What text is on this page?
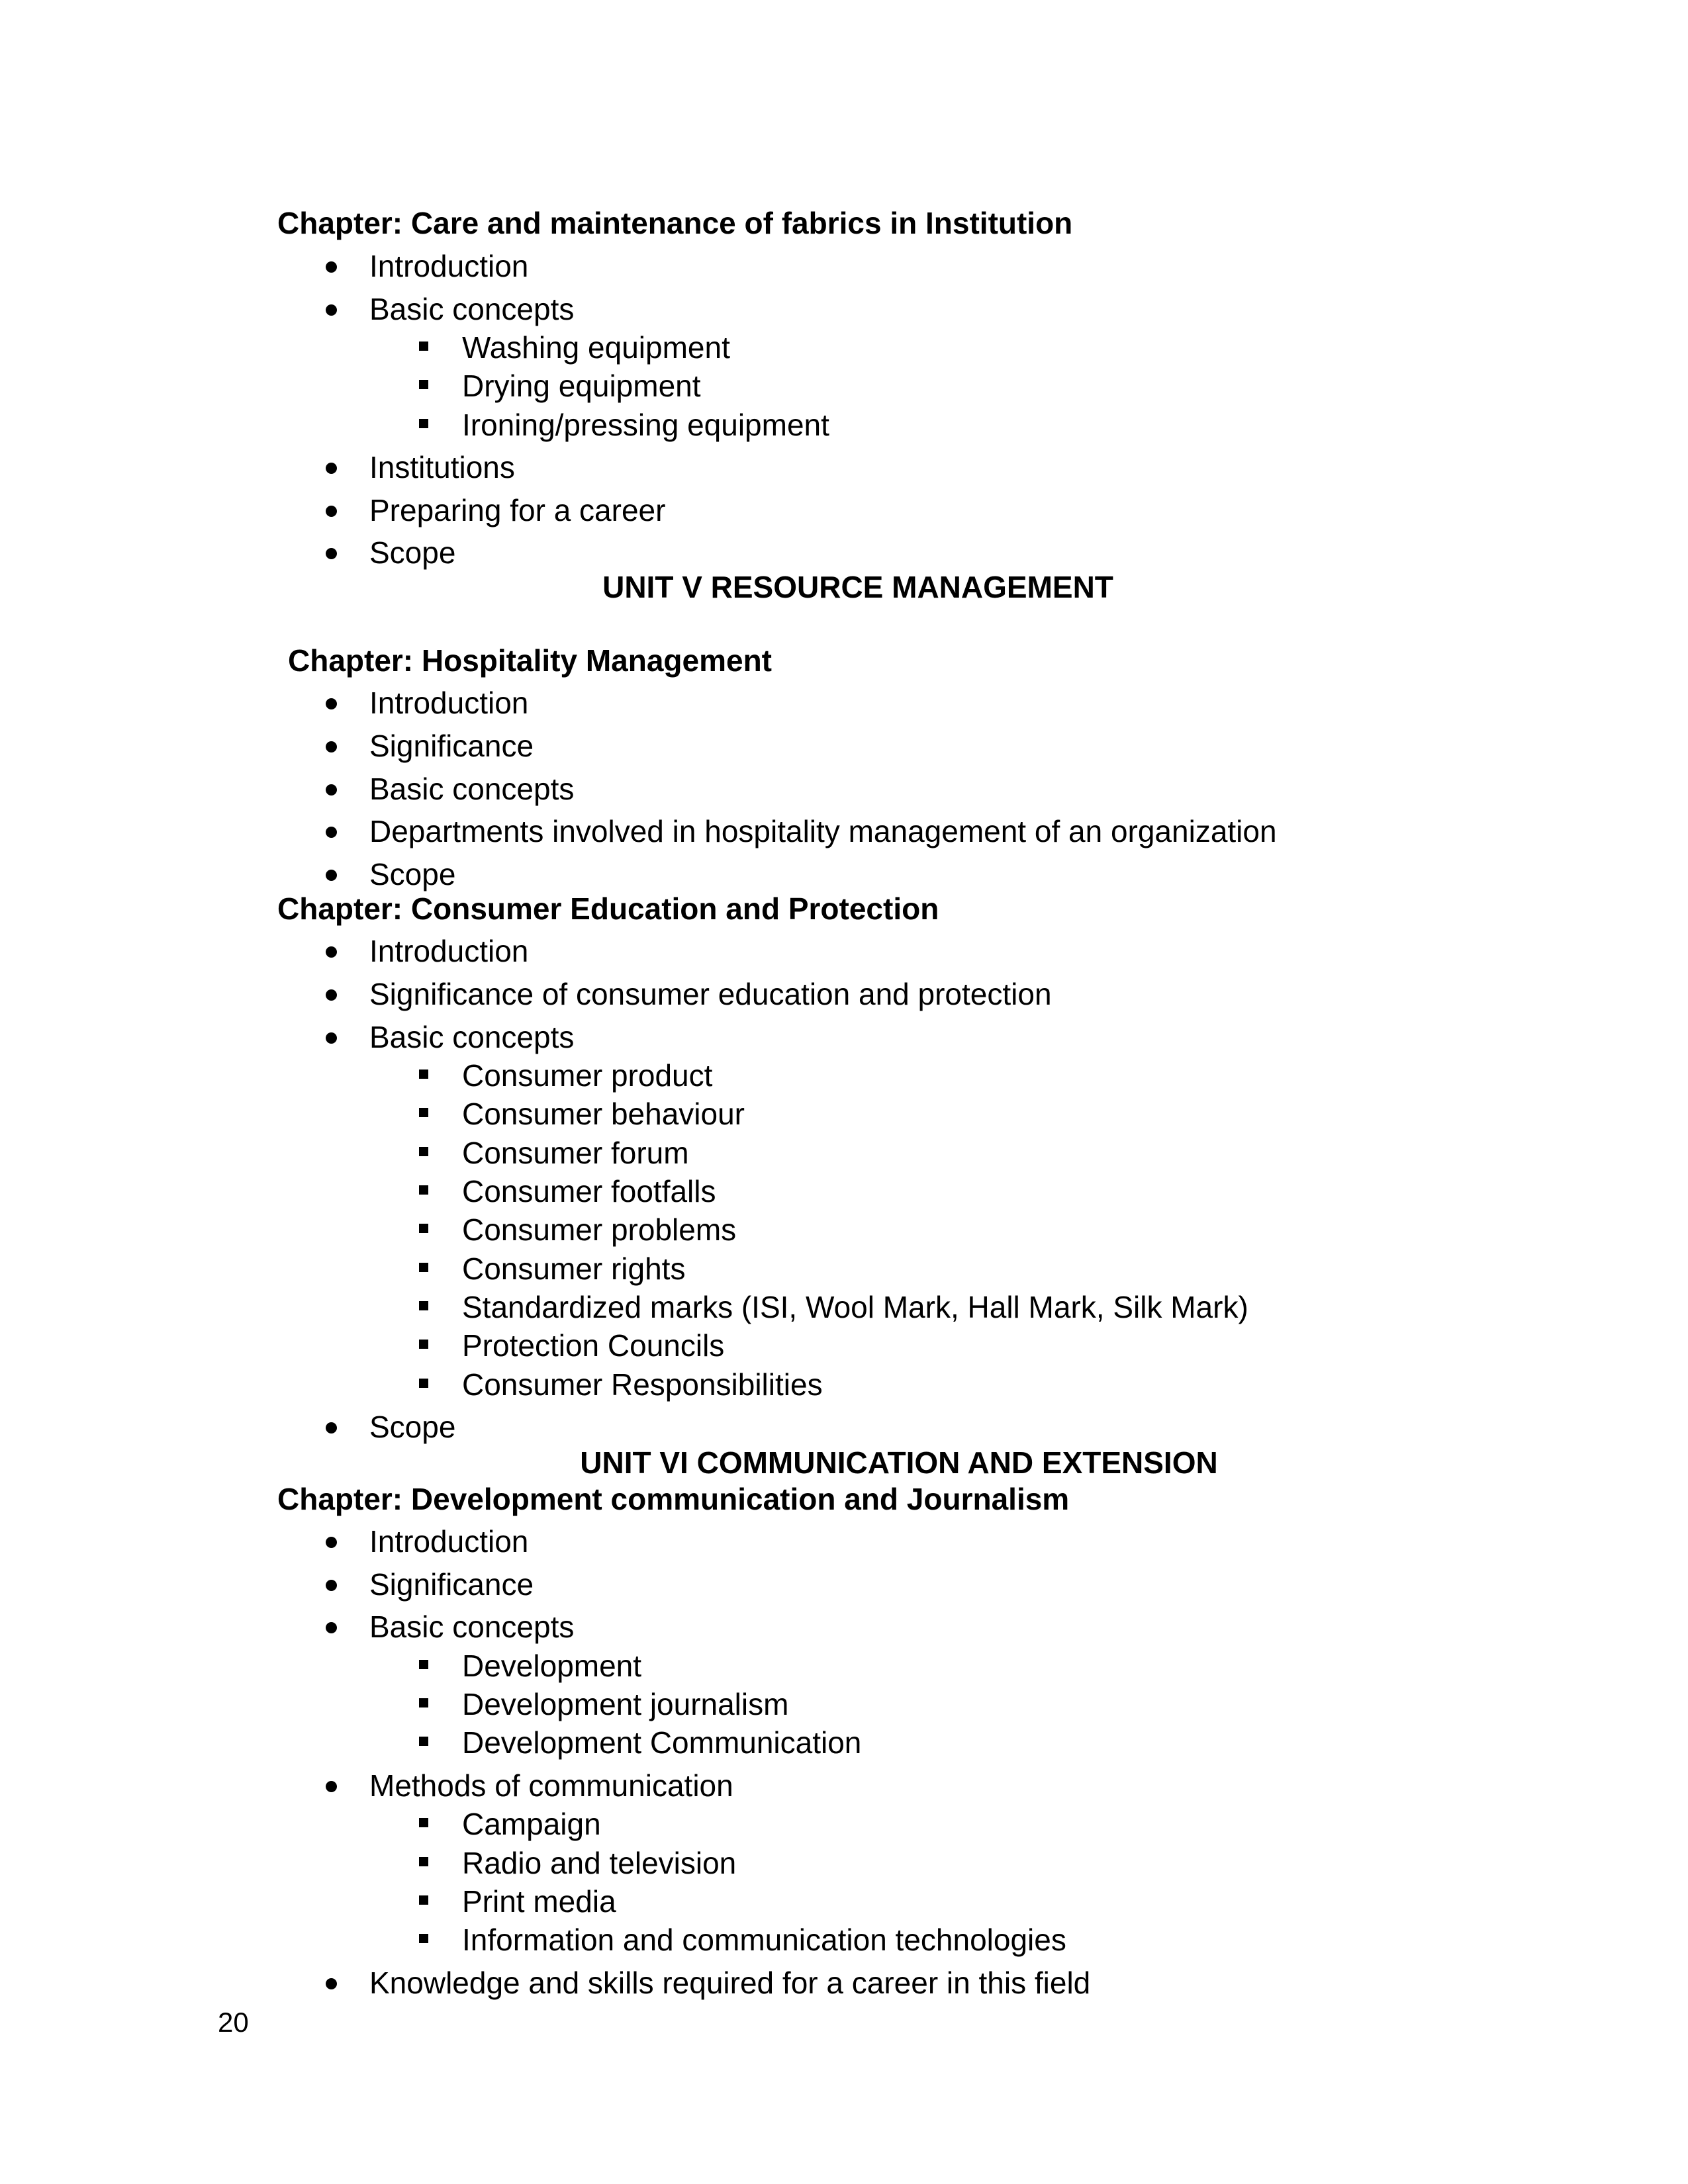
20
Chapter: Care and maintenance of fabrics in Institution
Introduction
Basic concepts
Washing equipment
Drying equipment
Ironing/pressing equipment
Institutions
Preparing for a career
Scope
UNIT V RESOURCE MANAGEMENT
Chapter: Hospitality Management
Introduction
Significance
Basic concepts
Departments involved in hospitality management of an organization
Scope
Chapter: Consumer Education and Protection
Introduction
Significance of consumer education and protection
Basic concepts
Consumer product
Consumer behaviour
Consumer forum
Consumer footfalls
Consumer problems
Consumer rights
Standardized marks (ISI, Wool Mark, Hall Mark, Silk Mark)
Protection Councils
Consumer Responsibilities
Scope
UNIT VI COMMUNICATION AND EXTENSION
Chapter: Development communication and Journalism
Introduction
Significance
Basic concepts
Development
Development journalism
Development Communication
Methods of communication
Campaign
Radio and television
Print media
Information and communication technologies
Knowledge and skills required for a career in this field
